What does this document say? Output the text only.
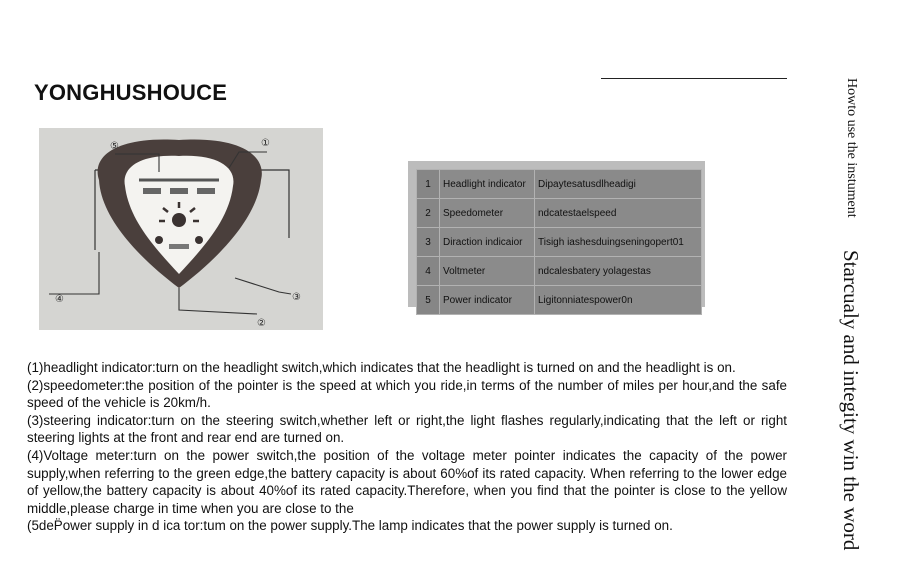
YONGHUSHOUCE
⑤	①
④	③
②
1	Headlight indicator	Dipaytesatusdlheadigi
2	Speedometer	ndcatestaelspeed
3	Diraction indicaior	Tisigh iashesduingseningopert01
4	Voltmeter	ndcalesbatery yolagestas
5	Power indicator	Ligitonniatespower0n

(1)headlight indicator:turn on the headlight switch,which indicates that the headlight is turned on and the headlight is on.

(2)speedometer:the position of the pointer is the speed at which you ride,in terms of the number of miles per hour,and the safe speed of the vehicle is 20km/h.

(3)steering indicator:turn on the steering switch,whether left or right,the light flashes regularly,indicating that the left or right steering lights at the front and rear end are turned on.

(4)Voltage meter:turn on the power switch,the position of the voltage meter pointer indicates the capacity of the power supply,when referring to the green edge,the battery capacity is about 60%of its rated capacity. When referring to the lower edge of yellow,the battery capacity is about 40%of its rated capacity.Therefore, when you find that the pointer is close to the yellow middle,please charge in time when you are close to the

(5deP̈ower supply in d ica tor:tum on the power supply.The lamp indicates that the power supply is turned on.

Howto use the instument Starcualy and integity win the word
